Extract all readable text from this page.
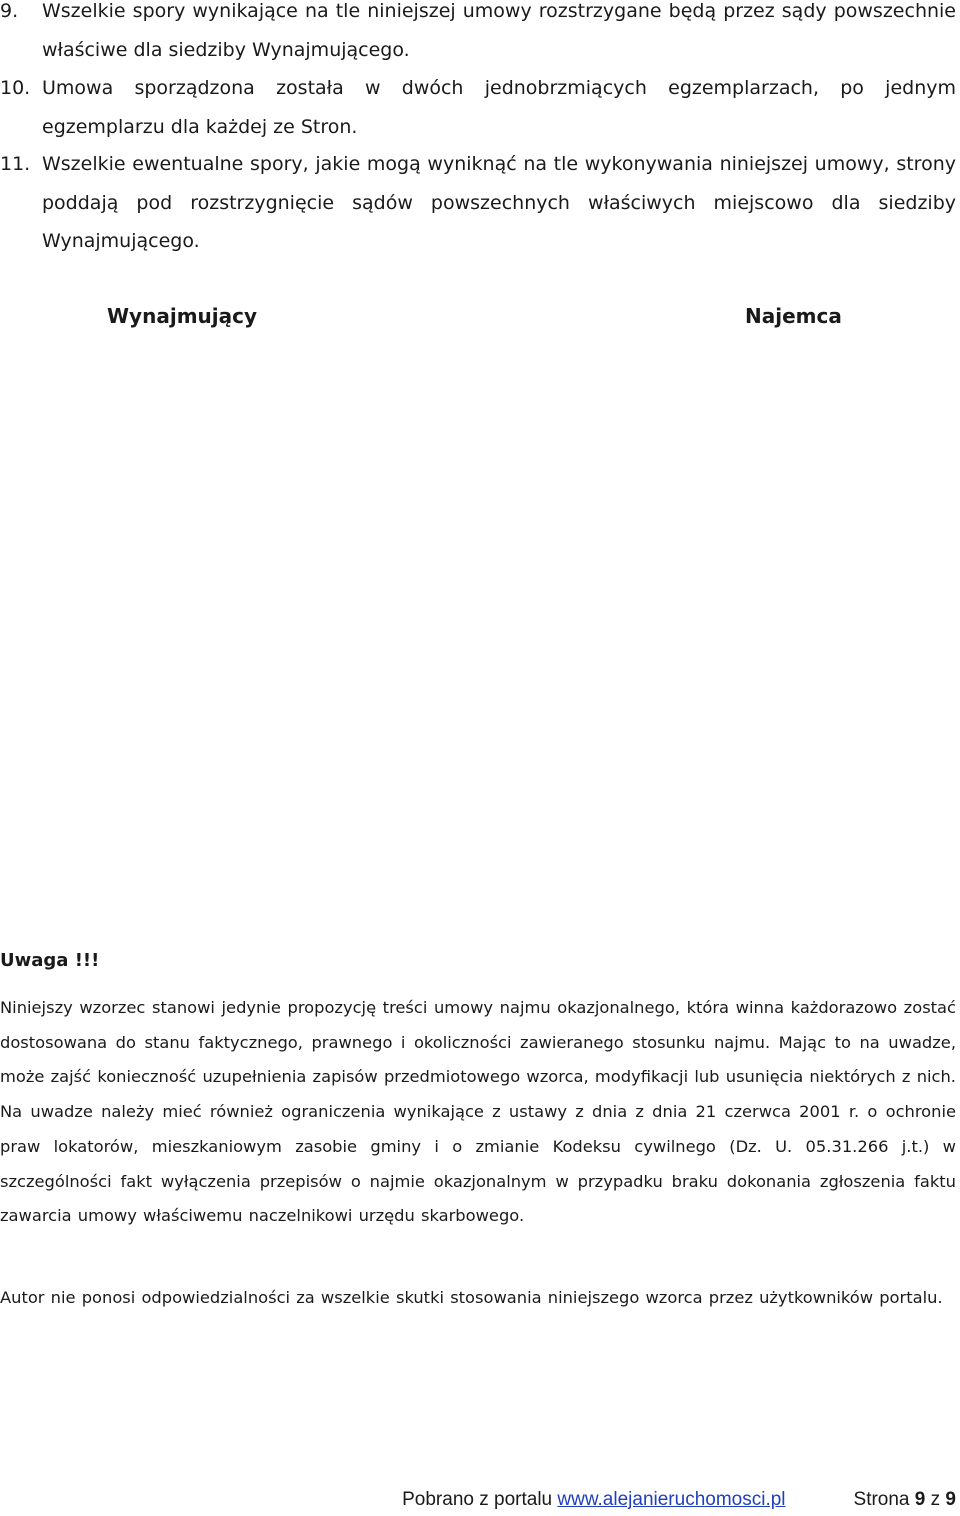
9. Wszelkie spory wynikające na tle niniejszej umowy rozstrzygane będą przez sądy powszechnie właściwe dla siedziby Wynajmującego.
10. Umowa sporządzona została w dwóch jednobrzmiących egzemplarzach, po jednym egzemplarzu dla każdej ze Stron.
11. Wszelkie ewentualne spory, jakie mogą wyniknąć na tle wykonywania niniejszej umowy, strony poddają pod rozstrzygnięcie sądów powszechnych właściwych miejscowo dla siedziby Wynajmującego.
Wynajmujący	Najemca
Uwaga !!!

Niniejszy wzorzec stanowi jedynie propozycję treści umowy najmu okazjonalnego, która winna każdorazowo zostać dostosowana do stanu faktycznego, prawnego i okoliczności zawieranego stosunku najmu. Mając to na uwadze, może zajść konieczność uzupełnienia zapisów przedmiotowego wzorca, modyfikacji lub usunięcia niektórych z nich. Na uwadze należy mieć również ograniczenia wynikające z ustawy z dnia z dnia 21 czerwca 2001 r. o ochronie praw lokatorów, mieszkaniowym zasobie gminy i o zmianie Kodeksu cywilnego (Dz. U. 05.31.266 j.t.) w szczególności fakt wyłączenia przepisów o najmie okazjonalnym w przypadku braku dokonania zgłoszenia faktu zawarcia umowy właściwemu naczelnikowi urzędu skarbowego.

Autor nie ponosi odpowiedzialności za wszelkie skutki stosowania niniejszego wzorca przez użytkowników portalu.

Pobrano z portalu www.alejanieruchomosci.pl	Strona 9 z 9
